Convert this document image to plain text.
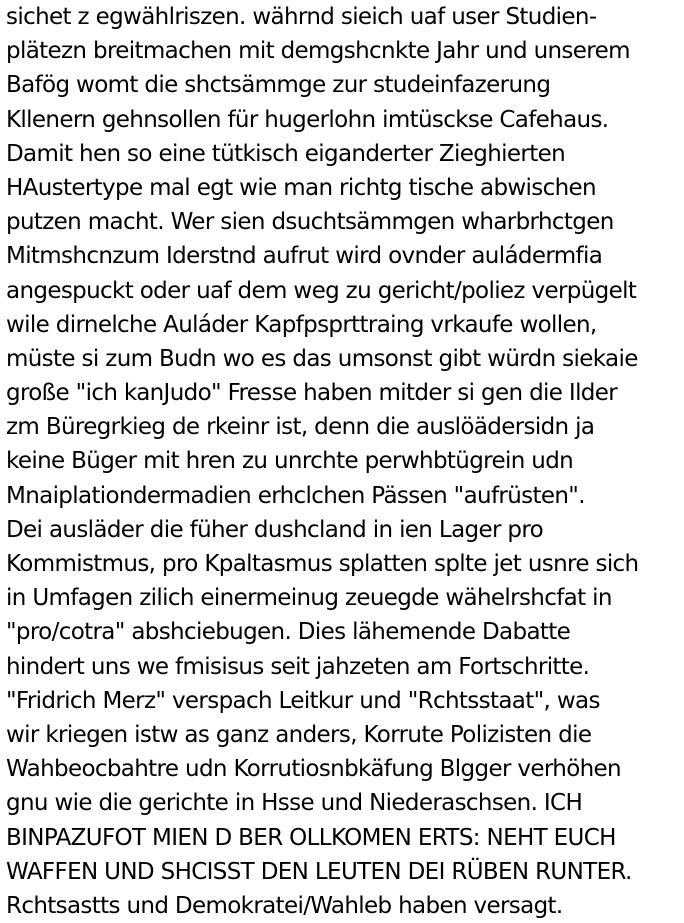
sichet z egwählriszen. währnd sieich uaf user Studien-
plätezn breitmachen mit demgshcnkte Jahr und unserem
Bafög womt die shctsämmge zur studeinfazerung
Kllenern gehnsollen für hugerlohn imtüsckse Cafehaus.
Damit hen so eine tütkisch eiganderter Zieghierten
HAustertype mal egt wie man richtg tische abwischen
putzen macht. Wer sien dsuchtsämmgen wharbrhctgen
Mitmshcnzum Iderstnd aufrut wird ovnder auládermfia
angespuckt oder uaf dem weg zu gericht/poliez verpügelt
wile dirnelche Auláder Kapfpsprttraing vrkaufe wollen,
müste si zum Budn wo es das umsonst gibt würdn siekaie
große "ich kanJudo" Fresse haben mitder si gen die Ilder
zm Büregrkieg de rkeinr ist, denn die auslöädersidn ja
keine Büger mit hren zu unrchte perwhbtügrein udn
Mnaiplationdermadien erhclchen Pässen "aufrüsten".
Dei ausläder die füher dushcland in ien Lager pro
Kommistmus, pro Kpaltasmus splatten splte jet usnre sich
in Umfagen zilich einermeinug zeuegde wähelrshcfat in
"pro/cotra" abshciebugen. Dies lähemende Dabatte
hindert uns we fmisisus seit jahzeten am Fortschritte.
"Fridrich Merz" verspach Leitkur und "Rchtsstaat", was
wir kriegen istw as ganz anders, Korrute Polizisten die
Wahbeocbahtre udn Korrutiosnbkäfung Blgger verhöhen
gnu wie die gerichte in Hsse und Niederaschsen. ICH
BINPAZUFOT MIEN D BER OLLKOMEN ERTS: NEHT EUCH
WAFFEN UND SHCISST DEN LEUTEN DEI RÜBEN RUNTER.
Rchtsastts und Demokratei/Wahleb haben versagt.
